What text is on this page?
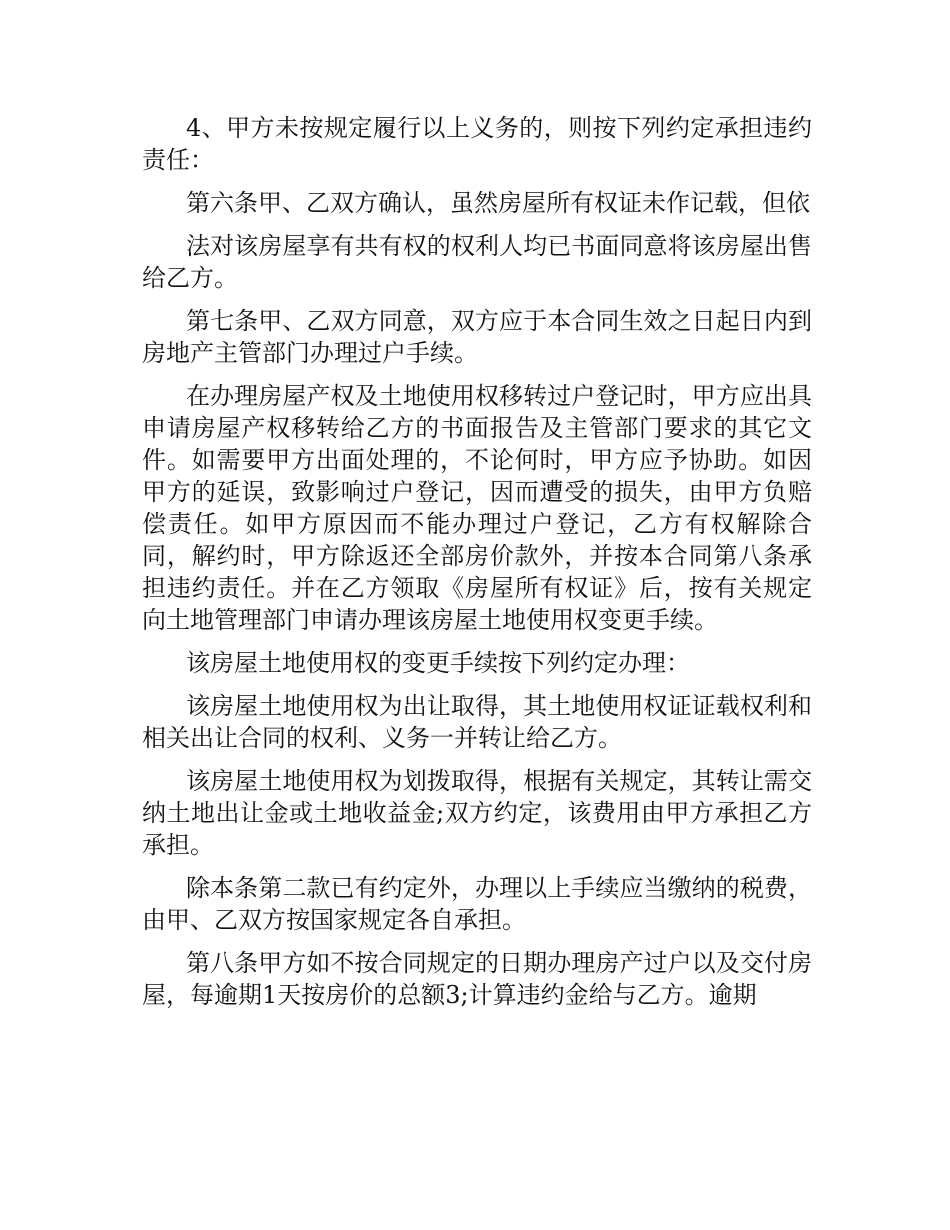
4、甲方未按规定履行以上义务的，则按下列约定承担违约责任：

第六条甲、乙双方确认，虽然房屋所有权证未作记载，但依

法对该房屋享有共有权的权利人均已书面同意将该房屋出售给乙方。

第七条甲、乙双方同意，双方应于本合同生效之日起日内到房地产主管部门办理过户手续。

在办理房屋产权及土地使用权移转过户登记时，甲方应出具申请房屋产权移转给乙方的书面报告及主管部门要求的其它文件。如需要甲方出面处理的，不论何时，甲方应予协助。如因甲方的延误，致影响过户登记，因而遭受的损失，由甲方负赔偿责任。如甲方原因而不能办理过户登记，乙方有权解除合同，解约时，甲方除返还全部房价款外，并按本合同第八条承担违约责任。并在乙方领取《房屋所有权证》后，按有关规定向土地管理部门申请办理该房屋土地使用权变更手续。

该房屋土地使用权的变更手续按下列约定办理：

该房屋土地使用权为出让取得，其土地使用权证证载权利和相关出让合同的权利、义务一并转让给乙方。

该房屋土地使用权为划拨取得，根据有关规定，其转让需交纳土地出让金或土地收益金;双方约定，该费用由甲方承担乙方承担。

除本条第二款已有约定外，办理以上手续应当缴纳的税费，由甲、乙双方按国家规定各自承担。

第八条甲方如不按合同规定的日期办理房产过户以及交付房屋，每逾期1天按房价的总额3;计算违约金给与乙方。逾期
